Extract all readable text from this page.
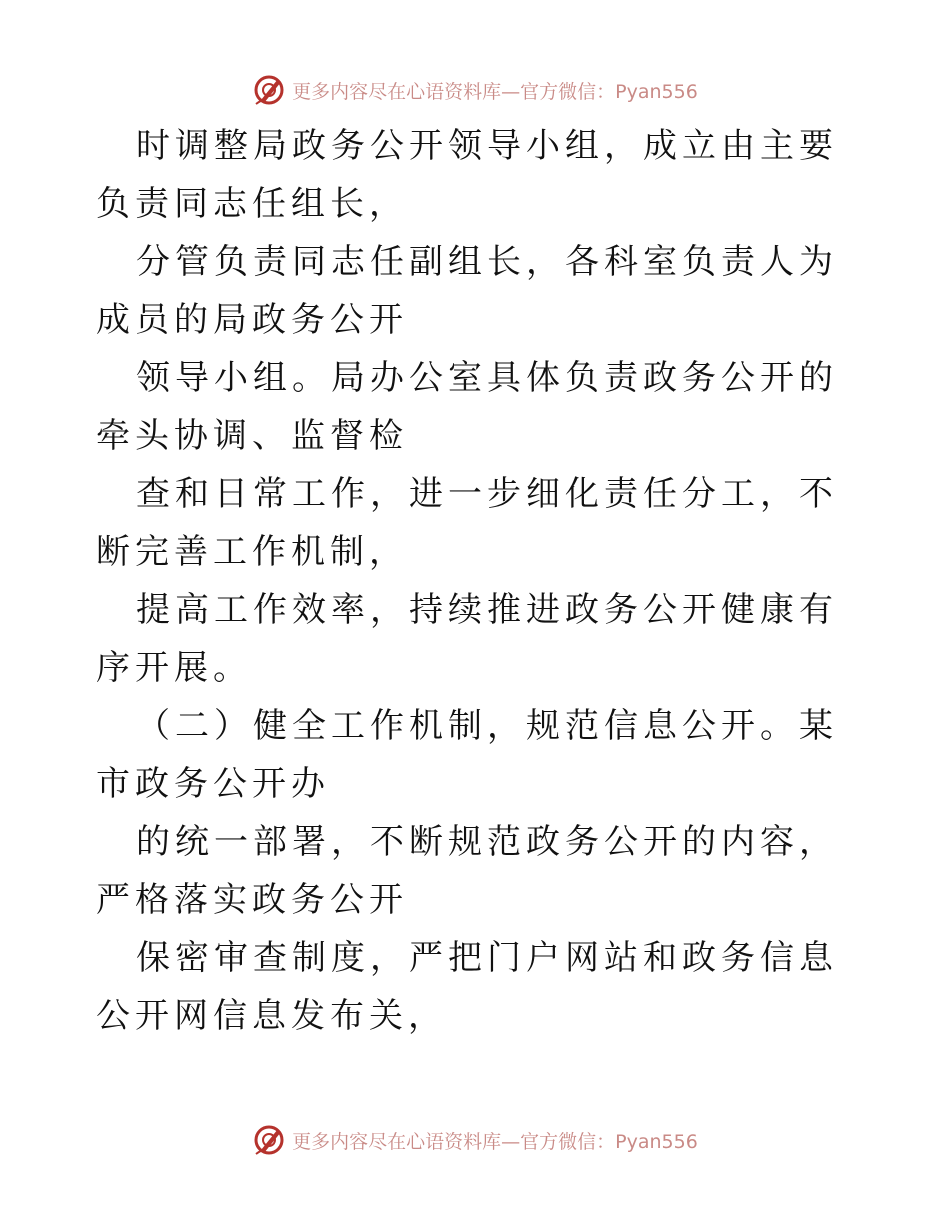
更多内容尽在心语资料库—官方微信：Pyan556

时调整局政务公开领导小组，成立由主要负责同志任组长，

分管负责同志任副组长，各科室负责人为成员的局政务公开

领导小组。局办公室具体负责政务公开的牵头协调、监督检

查和日常工作，进一步细化责任分工，不断完善工作机制，

提高工作效率，持续推进政务公开健康有序开展。

（二）健全工作机制，规范信息公开。某市政务公开办

的统一部署，不断规范政务公开的内容，严格落实政务公开

保密审查制度，严把门户网站和政务信息公开网信息发布关，

更多内容尽在心语资料库—官方微信：Pyan556
